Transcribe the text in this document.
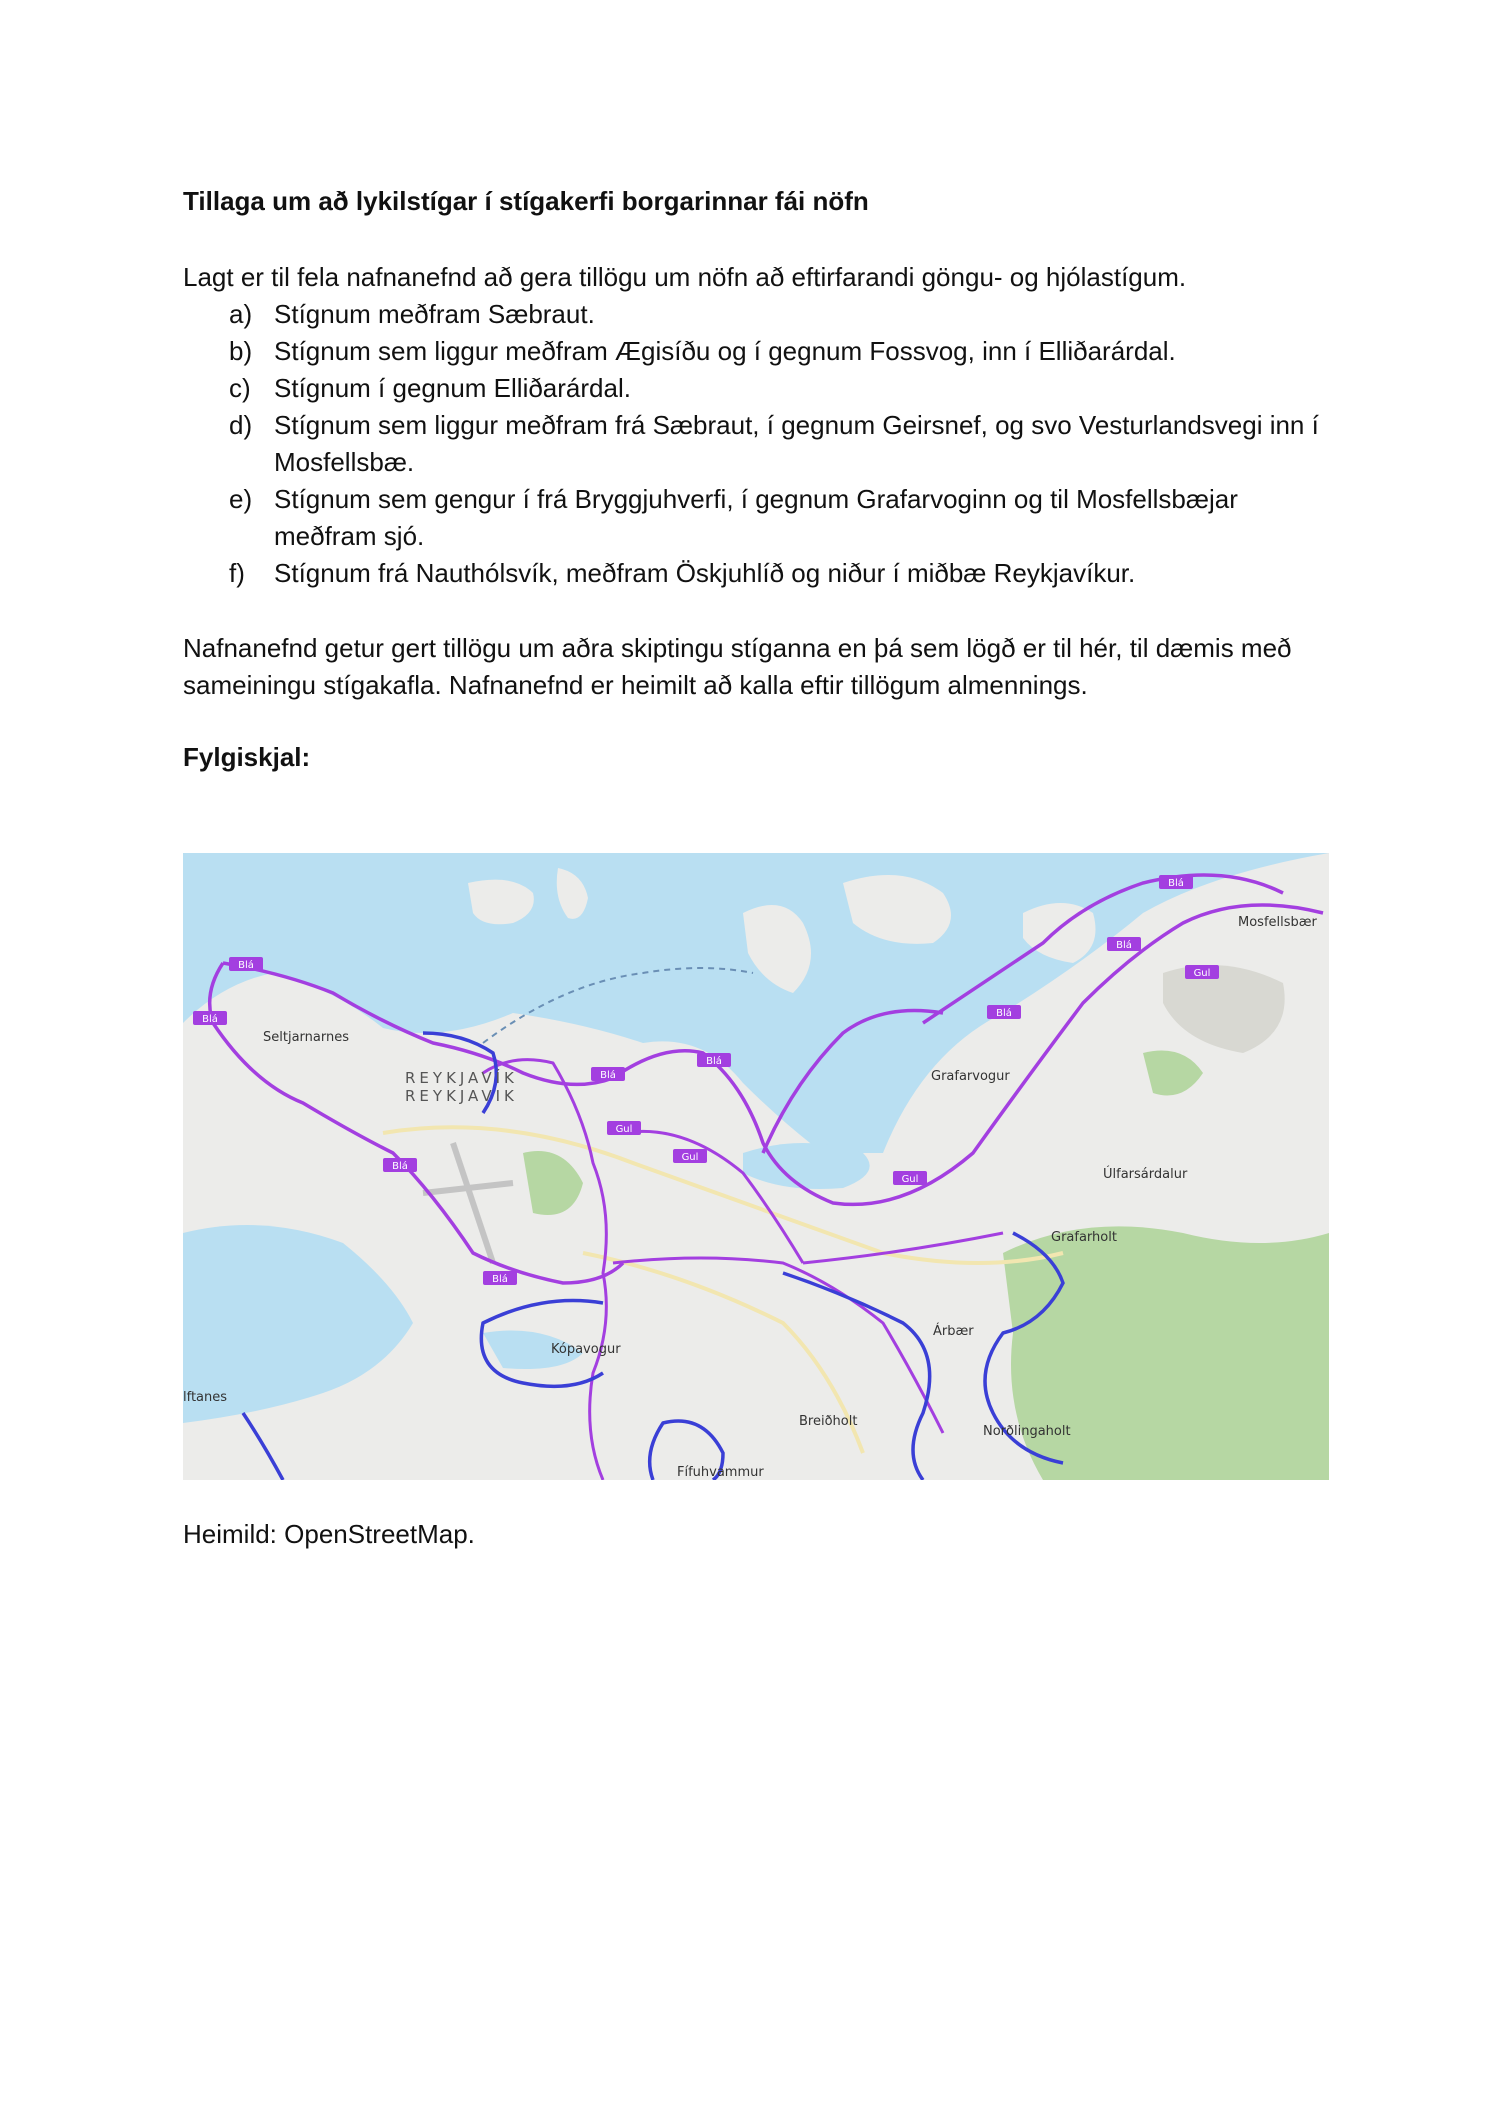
Tillaga um að lykilstígar í stígakerfi borgarinnar fái nöfn

Lagt er til fela nafnanefnd að gera tillögu um nöfn að eftirfarandi göngu- og hjólastígum.

a) Stígnum meðfram Sæbraut.
b) Stígnum sem liggur meðfram Ægisíðu og í gegnum Fossvog, inn í Elliðarárdal.
c) Stígnum í gegnum Elliðarárdal.
d) Stígnum sem liggur meðfram frá Sæbraut, í gegnum Geirsnef, og svo Vesturlandsvegi inn í Mosfellsbæ.
e) Stígnum sem gengur í frá Bryggjuhverfi, í gegnum Grafarvoginn og til Mosfellsbæjar meðfram sjó.
f) Stígnum frá Nauthólsvík, meðfram Öskjuhlíð og niður í miðbæ Reykjavíkur.

Nafnanefnd getur gert tillögu um aðra skiptingu stíganna en þá sem lögð er til hér, til dæmis með sameiningu stígakafla. Nafnanefnd er heimilt að kalla eftir tillögum almennings.

Fylgiskjal:

Blá
Blá
Blá
Blá
Blá
Blá
Blá
Blá
Blá
Gul
Gul
Gul
Gul
Seltjarnarnes
REYKJAVÍK
REYKJAVIK
Grafarvogur
Mosfellsbær
Úlfarsárdalur
Grafarholt
Kópavogur
Árbær
Breiðholt
Norðlingaholt
lftanes
Fífuhvammur

Heimild: OpenStreetMap.
